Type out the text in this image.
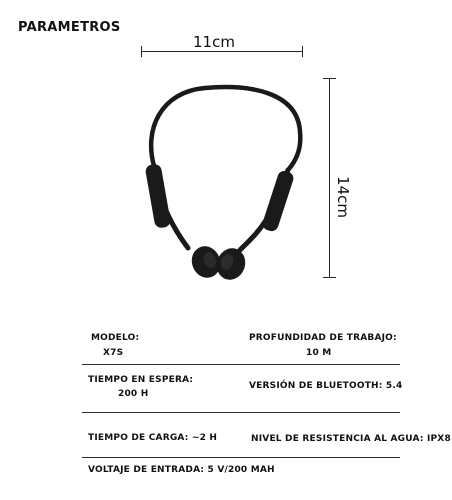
PARAMETROS
11cm
14cm
MODELO:
X7S
PROFUNDIDAD DE TRABAJO:
10 M
TIEMPO EN ESPERA:
200 H
VERSIÓN DE BLUETOOTH: 5.4
TIEMPO DE CARGA: ~2 H	NIVEL DE RESISTENCIA AL AGUA: IPX8
VOLTAJE DE ENTRADA: 5 V/200 MAH
